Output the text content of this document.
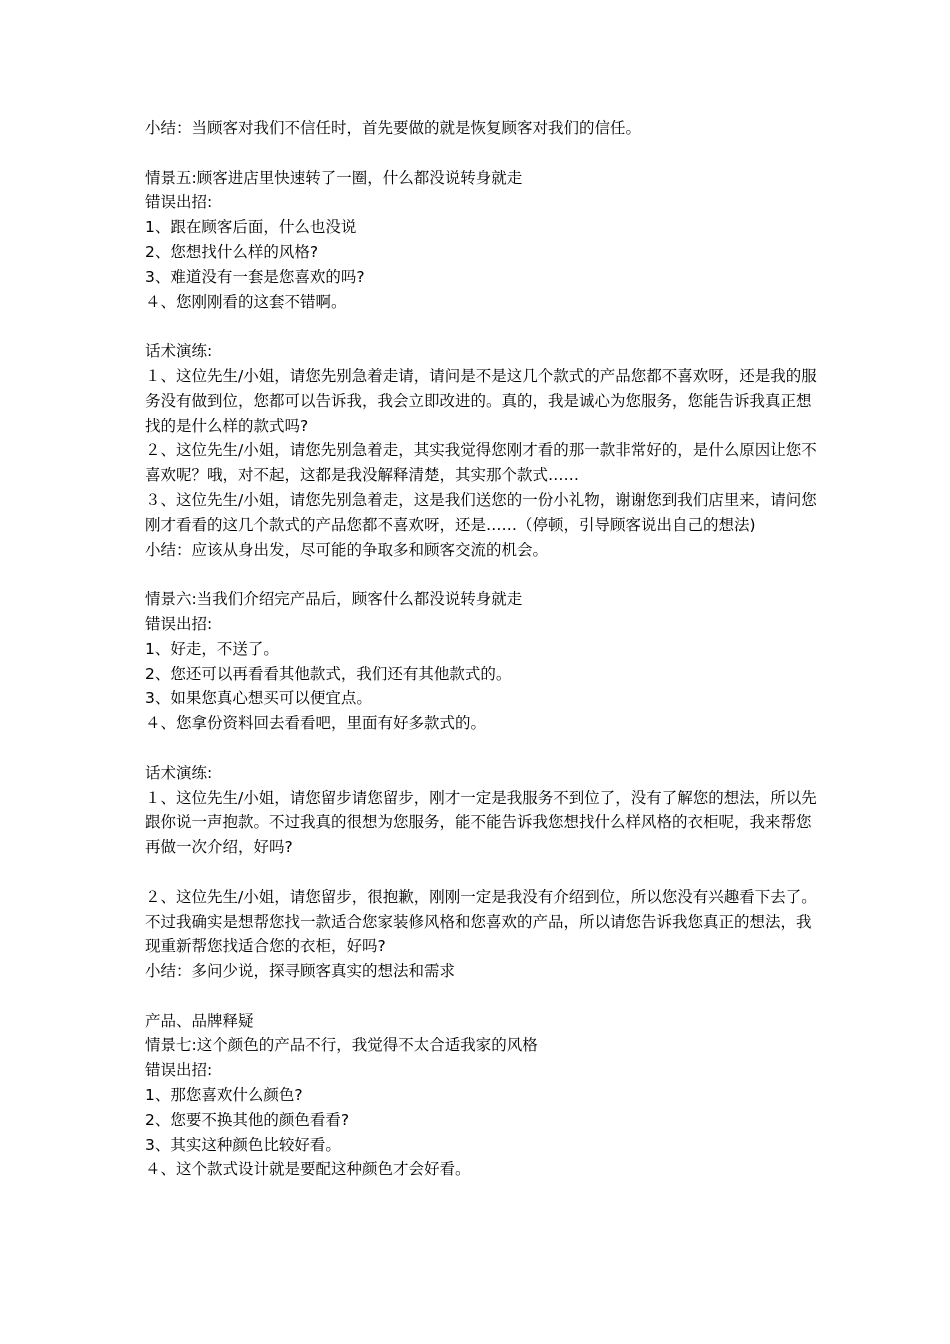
小结：当顾客对我们不信任时，首先要做的就是恢复顾客对我们的信任。
情景五:顾客进店里快速转了一圈，什么都没说转身就走
错误出招:
1、跟在顾客后面，什么也没说
2、您想找什么样的风格?
3、难道没有一套是您喜欢的吗?
４、您刚刚看的这套不错啊。
话术演练:
１、这位先生/小姐，请您先别急着走请，请问是不是这几个款式的产品您都不喜欢呀，还是我的服务没有做到位，您都可以告诉我，我会立即改进的。真的，我是诚心为您服务，您能告诉我真正想找的是什么样的款式吗?
２、这位先生/小姐，请您先别急着走，其实我觉得您刚才看的那一款非常好的，是什么原因让您不喜欢呢？哦，对不起，这都是我没解释清楚，其实那个款式……
３、这位先生/小姐，请您先别急着走，这是我们送您的一份小礼物，谢谢您到我们店里来，请问您刚才看看的这几个款式的产品您都不喜欢呀，还是……（停顿，引导顾客说出自己的想法)
小结：应该从身出发，尽可能的争取多和顾客交流的机会。
情景六:当我们介绍完产品后，顾客什么都没说转身就走
错误出招:
1、好走，不送了。
2、您还可以再看看其他款式，我们还有其他款式的。
3、如果您真心想买可以便宜点。
４、您拿份资料回去看看吧，里面有好多款式的。
话术演练:
１、这位先生/小姐，请您留步请您留步，刚才一定是我服务不到位了，没有了解您的想法，所以先跟你说一声抱款。不过我真的很想为您服务，能不能告诉我您想找什么样风格的衣柜呢，我来帮您再做一次介绍，好吗?
２、这位先生/小姐，请您留步，很抱歉，刚刚一定是我没有介绍到位，所以您没有兴趣看下去了。不过我确实是想帮您找一款适合您家装修风格和您喜欢的产品，所以请您告诉我您真正的想法，我现重新帮您找适合您的衣柜，好吗?
小结：多问少说，探寻顾客真实的想法和需求
产品、品牌释疑
情景七:这个颜色的产品不行，我觉得不太合适我家的风格
错误出招:
1、那您喜欢什么颜色?
2、您要不换其他的颜色看看?
3、其实这种颜色比较好看。
４、这个款式设计就是要配这种颜色才会好看。
